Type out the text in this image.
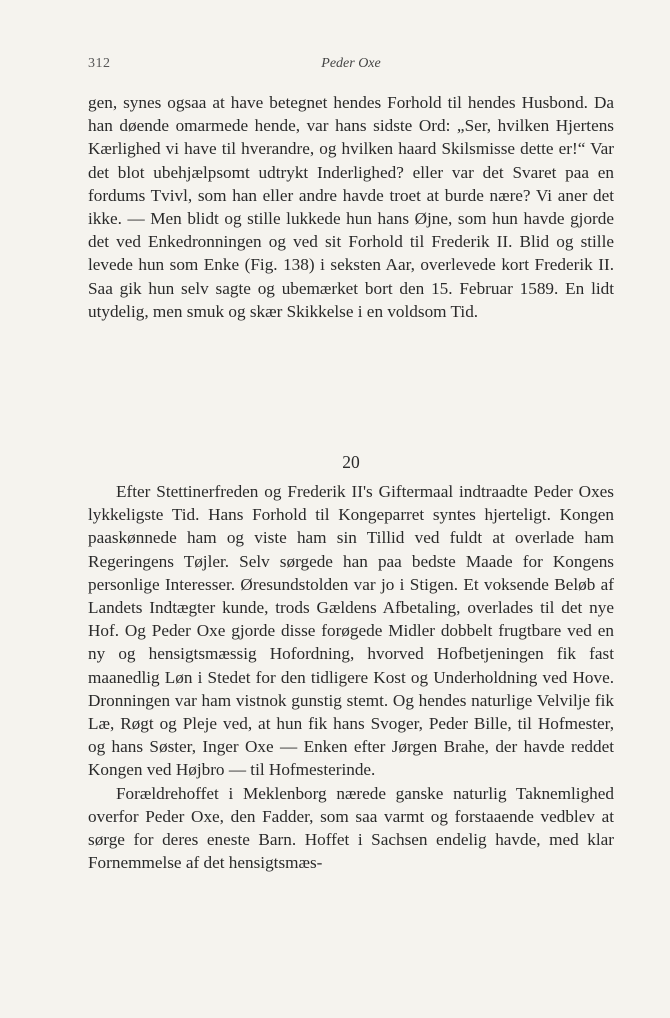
312	Peder Oxe

gen, synes ogsaa at have betegnet hendes Forhold til hendes Husbond. Da han døende omarmede hende, var hans sidste Ord: „Ser, hvilken Hjertens Kærlighed vi have til hverandre, og hvilken haard Skilsmisse dette er!“ Var det blot ubehjælpsomt udtrykt Inderlighed? eller var det Svaret paa en fordums Tvivl, som han eller andre havde troet at burde nære? Vi aner det ikke. — Men blidt og stille lukkede hun hans Øjne, som hun havde gjorde det ved Enkedronningen og ved sit Forhold til Frederik II. Blid og stille levede hun som Enke (Fig. 138) i seksten Aar, overlevede kort Frederik II. Saa gik hun selv sagte og ubemærket bort den 15. Februar 1589. En lidt utydelig, men smuk og skær Skikkelse i en voldsom Tid.

20

Efter Stettinerfreden og Frederik II's Giftermaal indtraadte Peder Oxes lykkeligste Tid. Hans Forhold til Kongeparret syntes hjerteligt. Kongen paaskønnede ham og viste ham sin Tillid ved fuldt at overlade ham Regeringens Tøjler. Selv sørgede han paa bedste Maade for Kongens personlige Interesser. Øresundstolden var jo i Stigen. Et voksende Beløb af Landets Indtægter kunde, trods Gældens Afbetaling, overlades til det nye Hof. Og Peder Oxe gjorde disse forøgede Midler dobbelt frugtbare ved en ny og hensigtsmæssig Hofordning, hvorved Hofbetjeningen fik fast maanedlig Løn i Stedet for den tidligere Kost og Underholdning ved Hove. Dronningen var ham vistnok gunstig stemt. Og hendes naturlige Velvilje fik Læ, Røgt og Pleje ved, at hun fik hans Svoger, Peder Bille, til Hofmester, og hans Søster, Inger Oxe — Enken efter Jørgen Brahe, der havde reddet Kongen ved Højbro — til Hofmesterinde.

Forældrehoffet i Meklenborg nærede ganske naturlig Taknemlighed overfor Peder Oxe, den Fadder, som saa varmt og forstaaende vedblev at sørge for deres eneste Barn. Hoffet i Sachsen endelig havde, med klar Fornemmelse af det hensigtsmæs-
